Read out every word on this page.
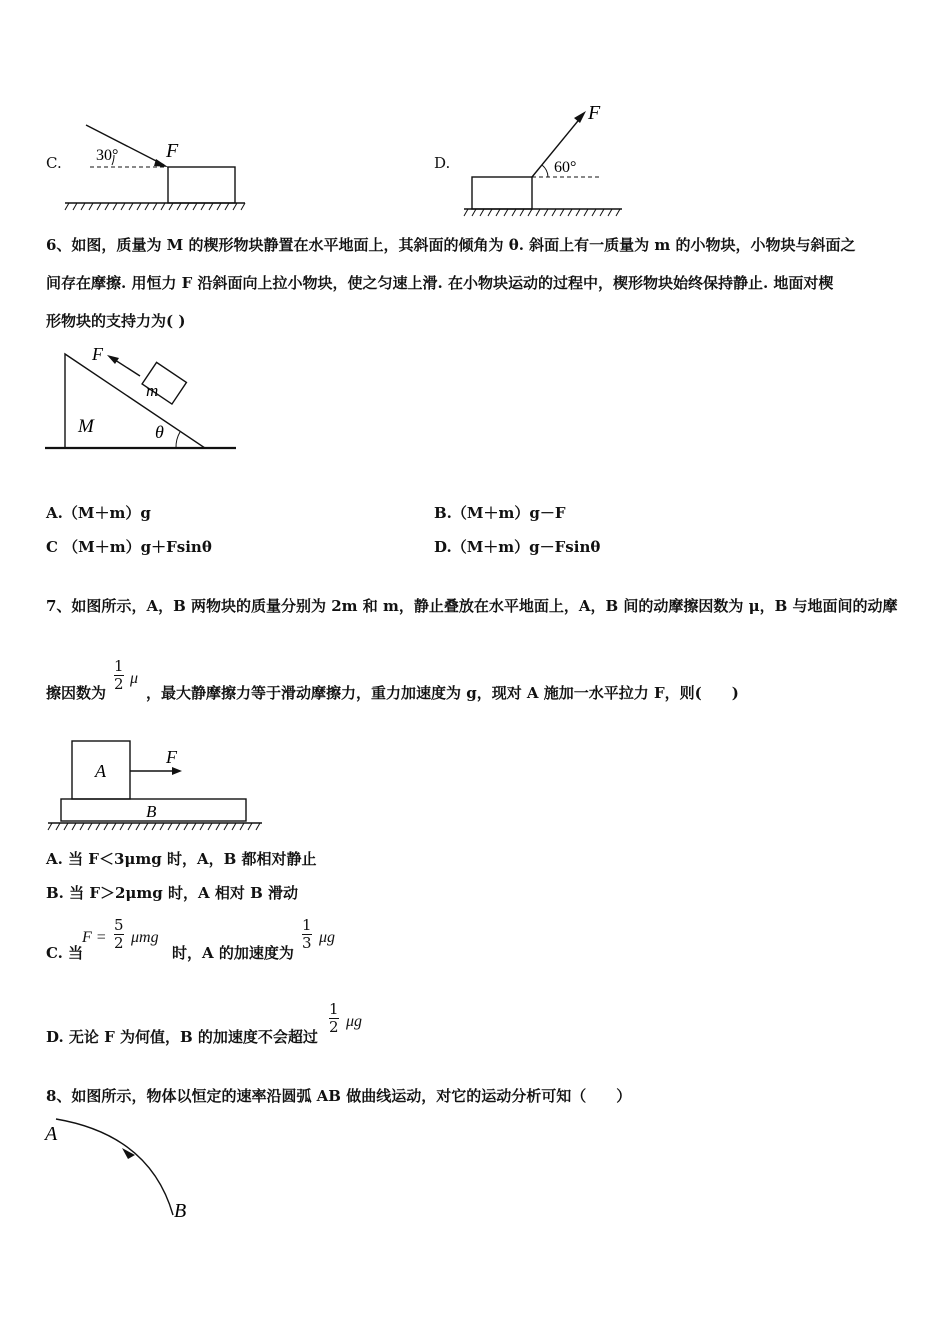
C. 30° F
D.
F
60°
6、如图，质量为 M 的楔形物块静置在水平地面上，其斜面的倾角为 θ. 斜面上有一质量为 m 的小物块，小物块与斜面之
间存在摩擦. 用恒力 F 沿斜面向上拉小物块，使之匀速上滑. 在小物块运动的过程中，楔形物块始终保持静止. 地面对楔
形物块的支持力为( )
F
m
M	θ
A.（M＋m）g	B.（M＋m）g－F
C （M＋m）g＋Fsinθ	D.（M＋m）g－Fsinθ
7、如图所示，A，B 两物块的质量分别为 2m 和 m，静止叠放在水平地面上，A，B 间的动摩擦因数为 μ，B 与地面间的动摩
擦因数为 $\frac{1}{2}$ μ
，最大静摩擦力等于滑动摩擦力，重力加速度为 g，现对 A 施加一水平拉力 F，则(　　)
A
F
B
A. 当 F＜3μmg 时，A，B 都相对静止
B. 当 F＞2μmg 时，A 相对 B 滑动
C. 当
$F = \frac{5}{2}$ μmg
时，A 的加速度为
$\frac{1}{3}$ μg
D. 无论 F 为何值，B 的加速度不会超过
$\frac{1}{2}$ μg
8、如图所示，物体以恒定的速率沿圆弧 AB 做曲线运动，对它的运动分析可知（　　）
A
B
